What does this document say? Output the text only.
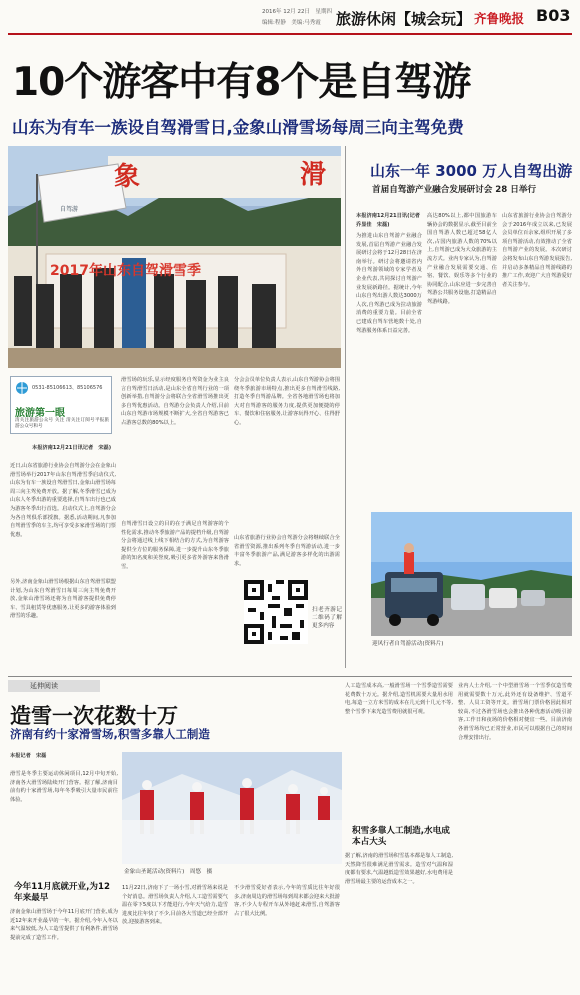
2016年 12月 22日　星期四
编辑:程静　美编:马秀霞 旅游休闲【城会玩】 齐鲁晚报 B03
10个游客中有8个是自驾游
山东为有车一族设自驾滑雪日,金象山滑雪场每周三向主驾免费
象	滑
自驾游
2017年山东自驾滑雪季
0531-85106613、85106576
旅游第一眼
清关注旅游公众号 关注 清关注订阅号平报旅游公众号和号
本报济南12月21日讯记者　宋磊)
近日,山东省旅游行业协会自驾游分会在金象山滑雪场举行2017年山东自驾滑雪季启动仪式,山东为有车一族设自驾滑雪日,金象山滑雪场每周三向主驾免费开放。据了解,冬季滑雪已成为山东人冬季出游的重要选择,自驾车出行也已成为游客冬季出行首选。启动仪式上,自驾游分会为各自驾俱乐部授旗。据悉,活动期间,凡参加自驾滑雪季的车主,均可享受多家滑雪场的门票优惠。
另外,济南金象山滑雪场根据山东自驾滑雪联盟计划,为山东自驾滑雪日每周三向主驾免费开放,金象山滑雪场还将为自驾游客提供免费停车、雪具租赁等优惠服务,让更多的游客体验到滑雪的乐趣。
滑雪场的玩乐,显示经度服务自驾资金为业主良言自驾滑雪日活动,是山东全省自驾行业的一项创新举措,自驾游分会将联合全省滑雪场推出更多自驾优惠活动。自驾游分会负责人介绍,目前山东自驾游市场规模不断扩大,全省自驾游客已占游客总数的80%以上。
自驾滑雪日设立的目的在于满足自驾游客的个性化需求,推动冬季旅游产品的提档升级,自驾游分会将通过线上线下相结合的方式,为自驾游客提供全方位的服务保障,进一步提升山东冬季旅游的知名度和美誉度,吸引更多省外游客来鲁滑雪。
分会会员单位负责人表示,山东自驾游协会将围绕冬季旅游市场特点,推出更多自驾滑雪线路,打造冬季自驾游品牌。全省各地滑雪场也将加大对自驾游客的服务力度,提供更加便捷的停车、餐饮和住宿服务,让游客玩得开心、住得舒心。
山东省旅游行业协会自驾游分会将继续联合全省滑雪资源,推出系列冬季自驾游活动,进一步丰富冬季旅游产品,满足游客多样化的出游需求。
扫老齐游记二维码了解更多内容
山东一年 3000 万人自驾出游
首届自驾游产业融合发展研讨会 28 日举行
本报济南12月21日讯(记者　乔显佳　宋磊)
为推进山东自驾游产业融合发展,首届自驾游产业融合发展研讨会将于12月28日在济南举行。研讨会将邀请省内外自驾游领域的专家学者及企业代表,共同探讨自驾游产业发展新路径。据统计,今年山东自驾出游人数达3000万人次,自驾游已成为拉动旅游消费的重要力量。目前全省已建成自驾车营地数十处,自驾游服务体系日益完善。
高达80%以上,都中国旅游车辆协会的数据显示,截至目前全国自驾游人数已超过58亿人次,占国内旅游人数的70%以上,自驾游已成为大众旅游的主流方式。业内专家认为,自驾游产业融合发展需要交通、住宿、餐饮、娱乐等多个行业的协同配合,山东应进一步完善自驾游公共服务设施,打造精品自驾游线路。
山东省旅游行业协会自驾游分会于2016年成立以来,已发展会员单位百余家,组织开展了多项自驾游活动,有效推动了全省自驾游产业的发展。本次研讨会将发布山东自驾游发展报告,并启动多条精品自驾游线路的推广工作,欢迎广大自驾游爱好者关注参与。
迎风行者自驾游活动(资料片)
延伸阅读
造雪一次花数十万
济南有约十家滑雪场,积雪多靠人工制造
本报记者　宋磊
滑雪是冬季主要运动休闲项目,12月中旬开始,济南各大滑雪场陆续开门营客。据了解,济南目前有约十家滑雪场,每年冬季吸引大量市民前往体验。
金象山圣诞活动(资料片)　周悠　摄
今年11月底就开业,为12年来最早
济南金象山滑雪场于今年11月底开门营业,成为近12年来开业最早的一年。据介绍,今年入冬以来气温较低,为人工造雪提供了有利条件,滑雪场提前完成了造雪工作。
11月22日,济南下了一场小雪,对滑雪场来说是个好消息。滑雪场负责人介绍,人工造雪需要气温在零下5度以下才能进行,今年天气给力,造雪进度比往年快了不少,目前各大雪道已经全部开放,迎接游客到来。
不少滑雪爱好者表示,今年的雪质比往年好很多,济南周边的滑雪场每到周末都会迎来大批游客,不少人专程开车从外地赶来滑雪,自驾游客占了很大比例。
人工造雪成本高,一般滑雪场一个雪季造雪需要花费数十万元。据介绍,造雪机需要大量用水用电,每造一立方米雪的成本在几元到十几元不等,整个雪季下来光造雪费用就很可观。
积雪多靠人工制造,水电成本占大头
据了解,济南的滑雪场积雪基本都是靠人工制造,天然降雪很难满足滑雪需求。造雪对气温和湿度都有要求,气温越低造雪效果越好,水电费用是滑雪场最主要的运营成本之一。
业内人士介绍,一个中型滑雪场一个雪季仅造雪费用就需要数十万元,此外还有设备维护、雪道平整、人员工资等开支。滑雪场门票价格因此相对较高,不过各滑雪场也会推出各种优惠活动吸引游客,工作日和夜场的价格相对便宜一些。目前济南各滑雪场均已正常营业,市民可以根据自己的时间合理安排出行。
